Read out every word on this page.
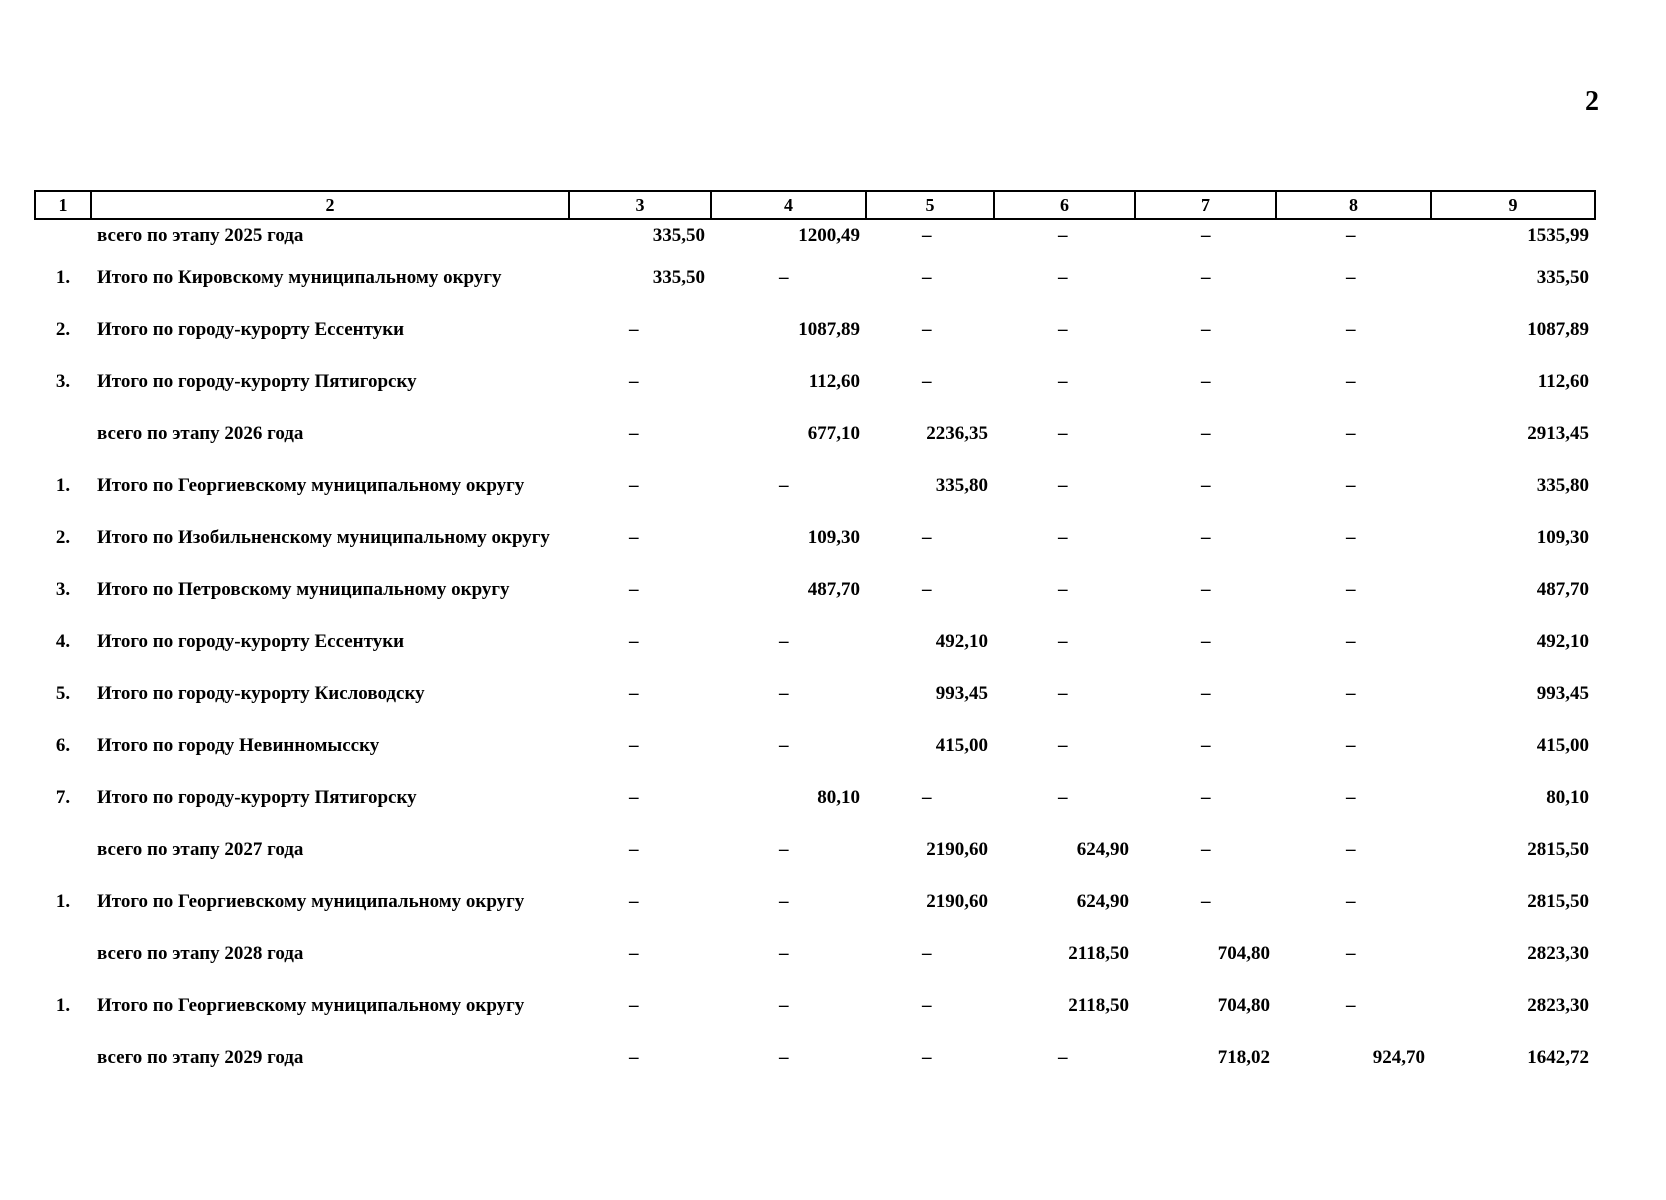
2
1	2	3	4	5	6	7	8	9
	всего по этапу 2025 года	335,50	1200,49	–	–	–	–	1535,99
1.	Итого по Кировскому муниципальному округу	335,50	–	–	–	–	–	335,50
2.	Итого по городу-курорту Ессентуки	–	1087,89	–	–	–	–	1087,89
3.	Итого по городу-курорту Пятигорску	–	112,60	–	–	–	–	112,60
	всего по этапу 2026 года	–	677,10	2236,35	–	–	–	2913,45
1.	Итого по Георгиевскому муниципальному округу	–	–	335,80	–	–	–	335,80
2.	Итого по Изобильненскому муниципальному округу	–	109,30	–	–	–	–	109,30
3.	Итого по Петровскому муниципальному округу	–	487,70	–	–	–	–	487,70
4.	Итого по городу-курорту Ессентуки	–	–	492,10	–	–	–	492,10
5.	Итого по городу-курорту Кисловодску	–	–	993,45	–	–	–	993,45
6.	Итого по городу Невинномысску	–	–	415,00	–	–	–	415,00
7.	Итого по городу-курорту Пятигорску	–	80,10	–	–	–	–	80,10
	всего по этапу 2027 года	–	–	2190,60	624,90	–	–	2815,50
1.	Итого по Георгиевскому муниципальному округу	–	–	2190,60	624,90	–	–	2815,50
	всего по этапу 2028 года	–	–	–	2118,50	704,80	–	2823,30
1.	Итого по Георгиевскому муниципальному округу	–	–	–	2118,50	704,80	–	2823,30
	всего по этапу 2029 года	–	–	–	–	718,02	924,70	1642,72
